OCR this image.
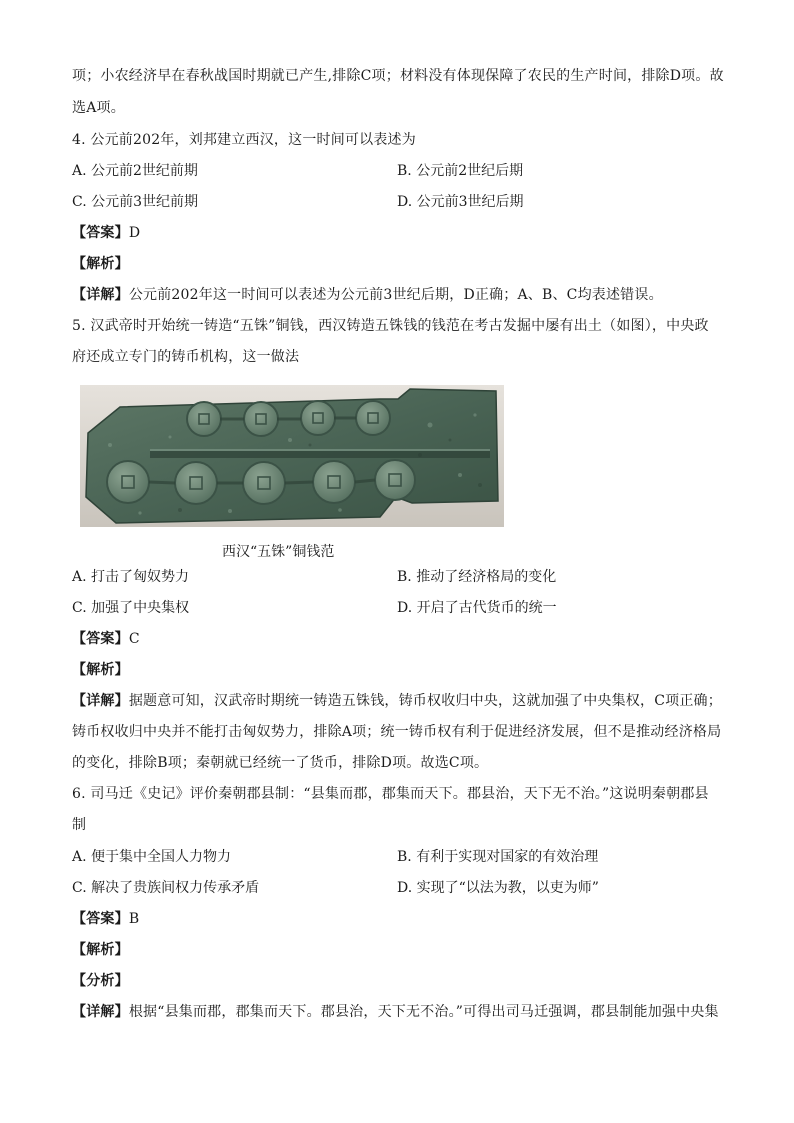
项；小农经济早在春秋战国时期就已产生,排除C项；材料没有体现保障了农民的生产时间，排除D项。故
选A项。
4. 公元前202年，刘邦建立西汉，这一时间可以表述为
A. 公元前2世纪前期	B. 公元前2世纪后期
C. 公元前3世纪前期	D. 公元前3世纪后期
【答案】D
【解析】
【详解】公元前202年这一时间可以表述为公元前3世纪后期，D正确；A、B、C均表述错误。
5. 汉武帝时开始统一铸造“五铢”铜钱，西汉铸造五铢钱的钱范在考古发掘中屡有出土（如图），中央政
府还成立专门的铸币机构，这一做法
西汉“五铢”铜钱范
A. 打击了匈奴势力	B. 推动了经济格局的变化
C. 加强了中央集权	D. 开启了古代货币的统一
【答案】C
【解析】
【详解】据题意可知，汉武帝时期统一铸造五铢钱，铸币权收归中央，这就加强了中央集权，C项正确；
铸币权收归中央并不能打击匈奴势力，排除A项；统一铸币权有利于促进经济发展，但不是推动经济格局
的变化，排除B项；秦朝就已经统一了货币，排除D项。故选C项。
6. 司马迁《史记》评价秦朝郡县制：“县集而郡，郡集而天下。郡县治，天下无不治。”这说明秦朝郡县
制
A. 便于集中全国人力物力	B. 有利于实现对国家的有效治理
C. 解决了贵族间权力传承矛盾	D. 实现了“以法为教，以吏为师”
【答案】B
【解析】
【分析】
【详解】根据“县集而郡，郡集而天下。郡县治，天下无不治。”可得出司马迁强调，郡县制能加强中央集
